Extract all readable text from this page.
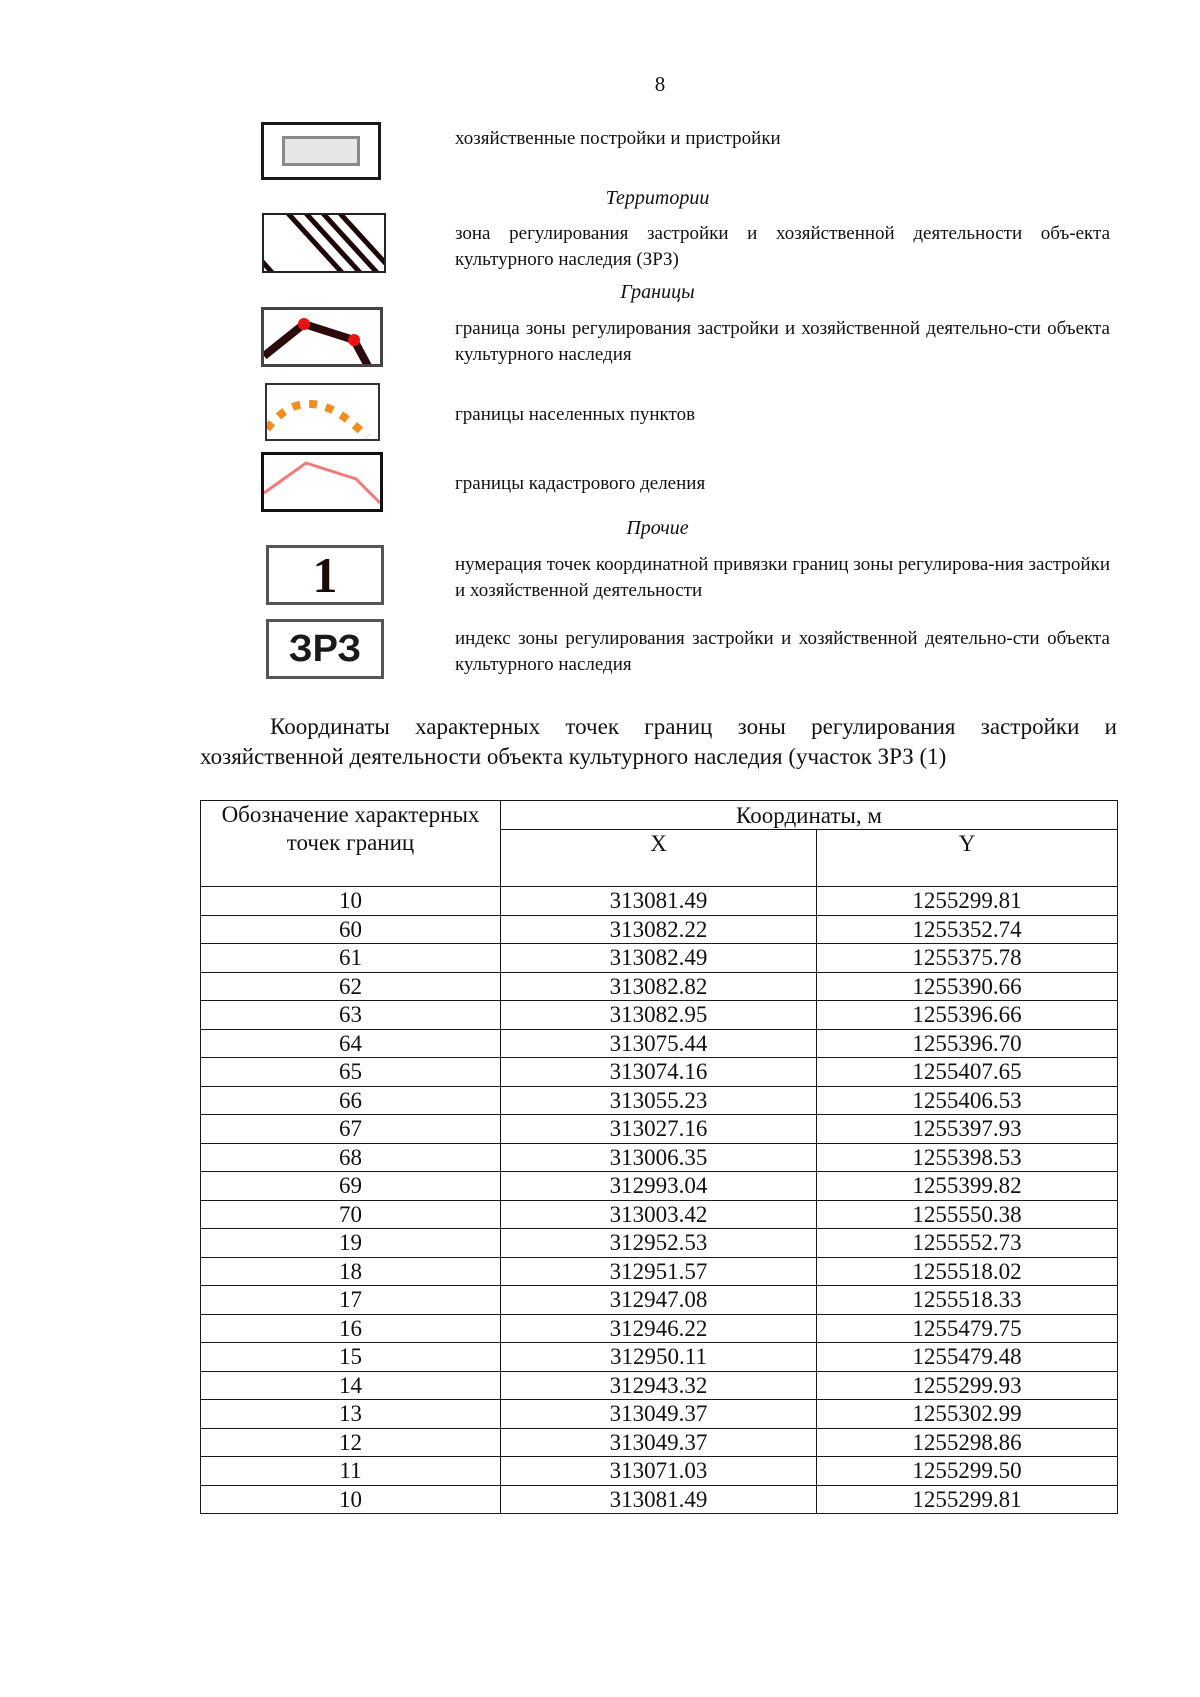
8
хозяйственные постройки и пристройки
Территории
зона регулирования застройки и хозяйственной деятельности объ-екта культурного наследия (ЗРЗ)
Границы
граница зоны регулирования застройки и хозяйственной деятельно-сти объекта культурного наследия
границы населенных пунктов
границы кадастрового деления
Прочие
1	нумерация точек координатной привязки границ зоны регулирова-ния застройки и хозяйственной деятельности
ЗРЗ	индекс зоны регулирования застройки и хозяйственной деятельно-сти объекта культурного наследия
Координаты характерных точек границ зоны регулирования застройки и хозяйственной деятельности объекта культурного наследия (участок ЗРЗ (1)
Обозначение характерных точек границ	Координаты, м	
	X	Y
10	313081.49	1255299.81
60	313082.22	1255352.74
61	313082.49	1255375.78
62	313082.82	1255390.66
63	313082.95	1255396.66
64	313075.44	1255396.70
65	313074.16	1255407.65
66	313055.23	1255406.53
67	313027.16	1255397.93
68	313006.35	1255398.53
69	312993.04	1255399.82
70	313003.42	1255550.38
19	312952.53	1255552.73
18	312951.57	1255518.02
17	312947.08	1255518.33
16	312946.22	1255479.75
15	312950.11	1255479.48
14	312943.32	1255299.93
13	313049.37	1255302.99
12	313049.37	1255298.86
11	313071.03	1255299.50
10	313081.49	1255299.81
